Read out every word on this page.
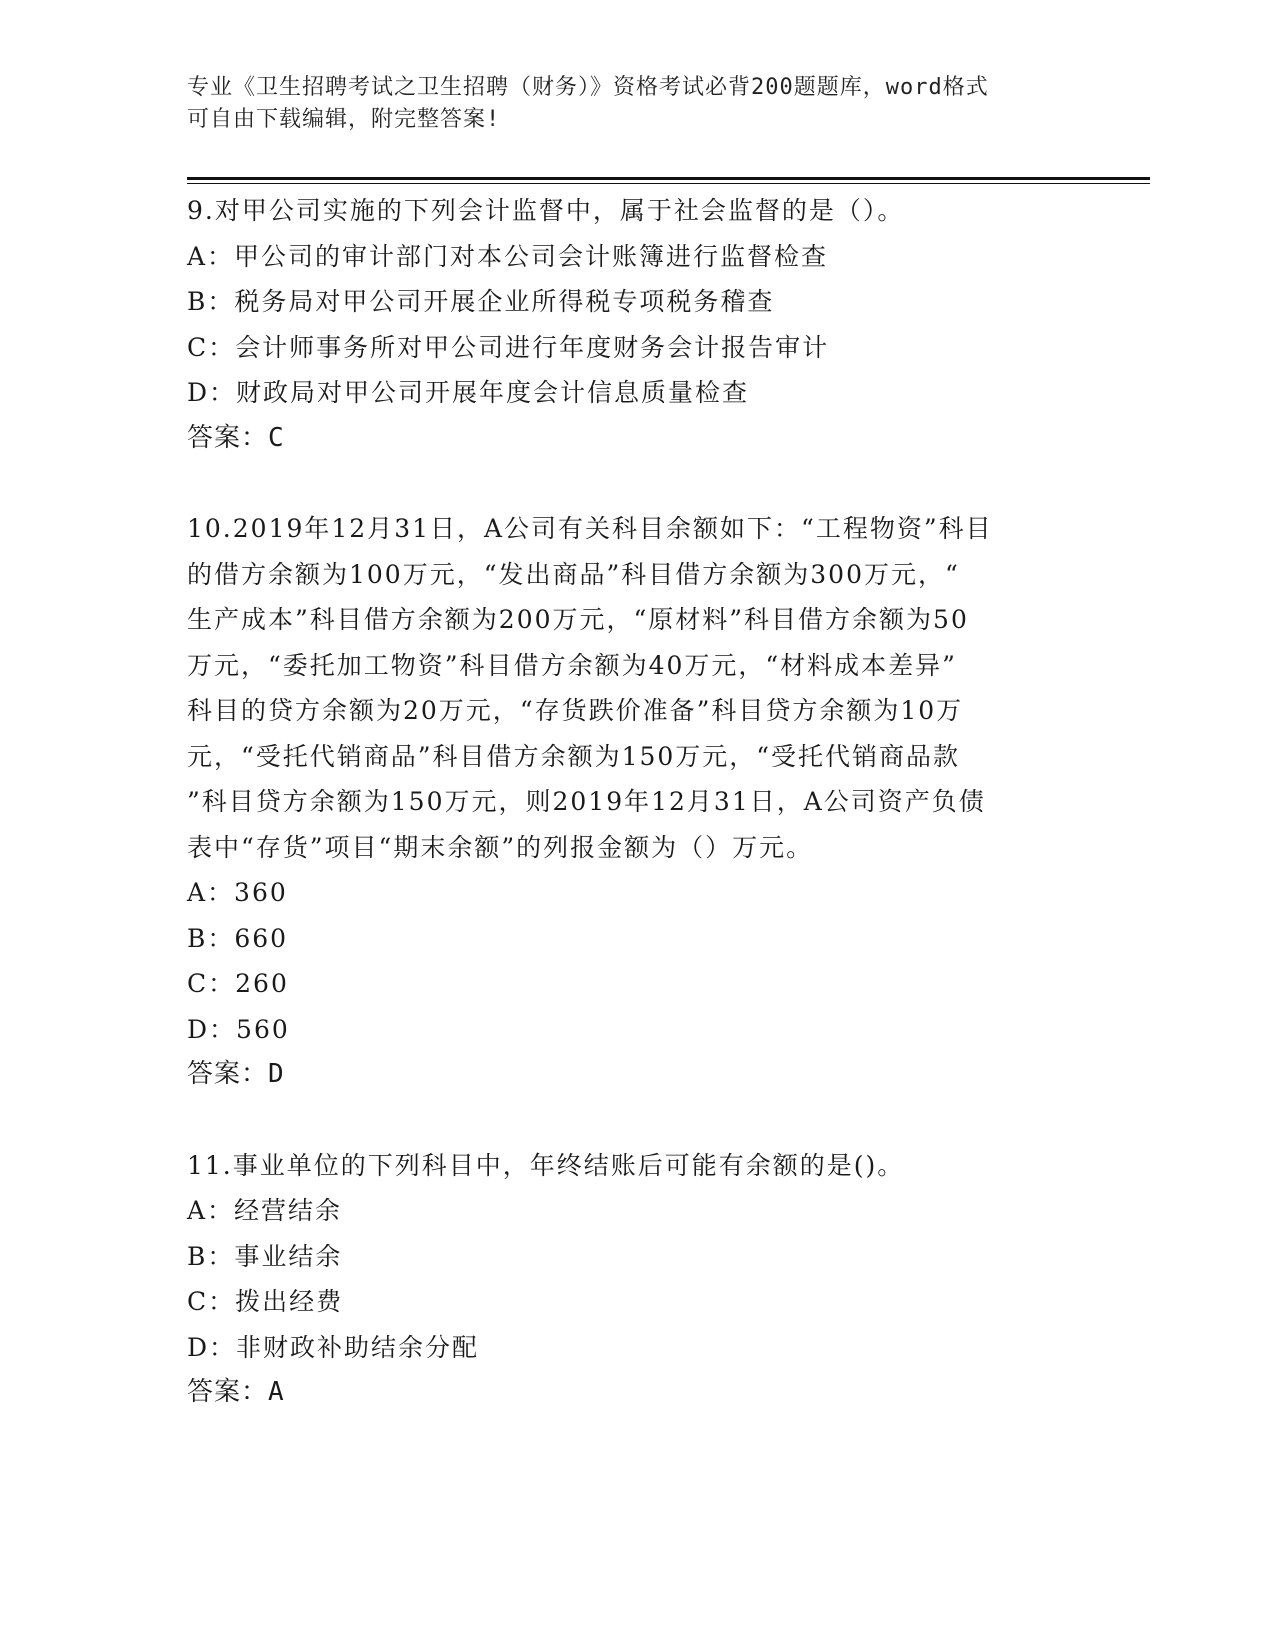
专业《卫生招聘考试之卫生招聘（财务）》资格考试必背200题题库，word格式
可自由下载编辑，附完整答案!

9.对甲公司实施的下列会计监督中，属于社会监督的是（）。

A：甲公司的审计部门对本公司会计账簿进行监督检查

B：税务局对甲公司开展企业所得税专项税务稽查

C：会计师事务所对甲公司进行年度财务会计报告审计

D：财政局对甲公司开展年度会计信息质量检查

答案：C

10.2019年12月31日，A公司有关科目余额如下：“工程物资”科目

的借方余额为100万元，“发出商品”科目借方余额为300万元，“

生产成本”科目借方余额为200万元，“原材料”科目借方余额为50

万元，“委托加工物资”科目借方余额为40万元，“材料成本差异”

科目的贷方余额为20万元，“存货跌价准备”科目贷方余额为10万

元，“受托代销商品”科目借方余额为150万元，“受托代销商品款

”科目贷方余额为150万元，则2019年12月31日，A公司资产负债

表中“存货”项目“期末余额”的列报金额为（）万元。

A：360

B：660

C：260

D：560

答案：D

11.事业单位的下列科目中，年终结账后可能有余额的是()。

A：经营结余

B：事业结余

C：拨出经费

D：非财政补助结余分配

答案：A
